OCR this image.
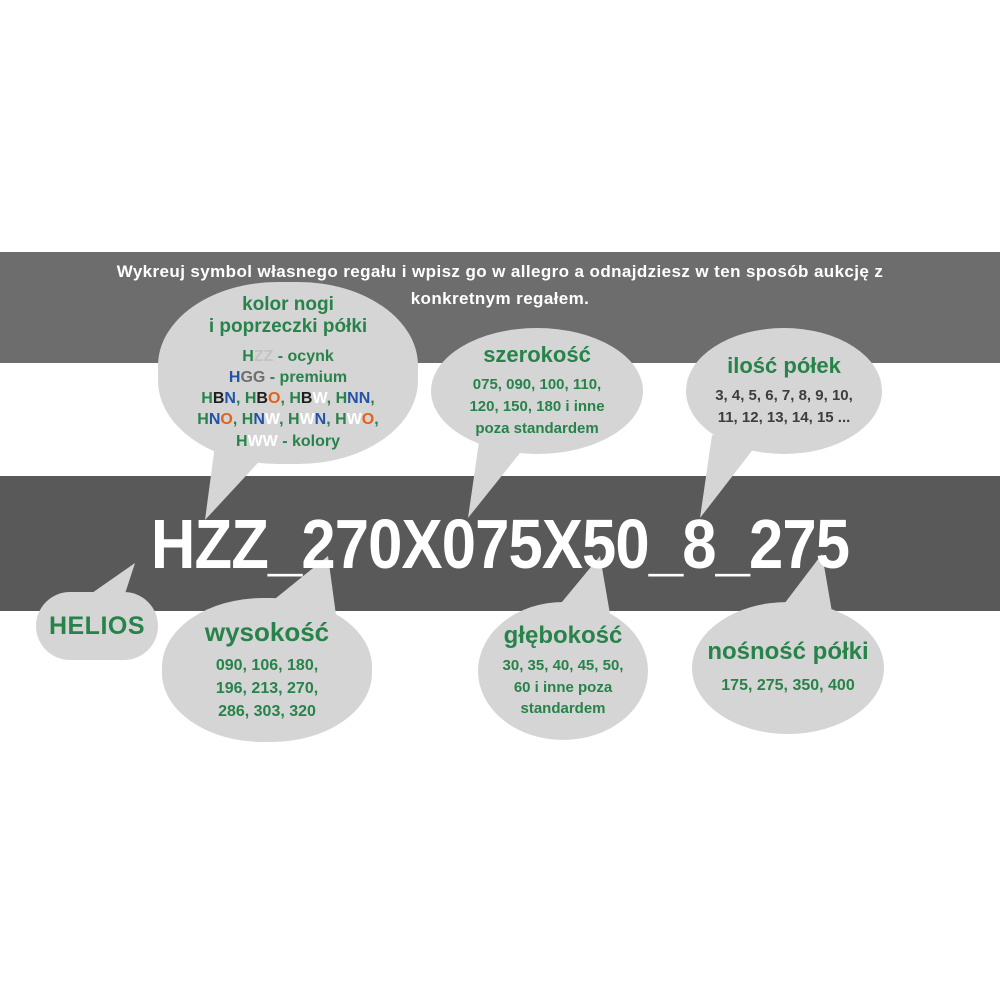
Wykreuj symbol własnego regału i wpisz go w allegro a odnajdziesz w ten sposób aukcję z
konkretnym regałem.
HZZ_270X075X50_8_275
kolor nogi
i poprzeczki półki
HZZ - ocynk
HGG - premium
HBN, HBO, HBW, HNN,
HNO, HNW, HWN, HWO,
HWW - kolory
szerokość
075, 090, 100, 110,
120, 150, 180 i inne
poza standardem
ilość półek
3, 4, 5, 6, 7, 8, 9, 10,
11, 12, 13, 14, 15 ...
HELIOS wysokość
090, 106, 180,
196, 213, 270,
286, 303, 320
głębokość
30, 35, 40, 45, 50,
60 i inne poza
standardem
nośność półki
175, 275, 350, 400
